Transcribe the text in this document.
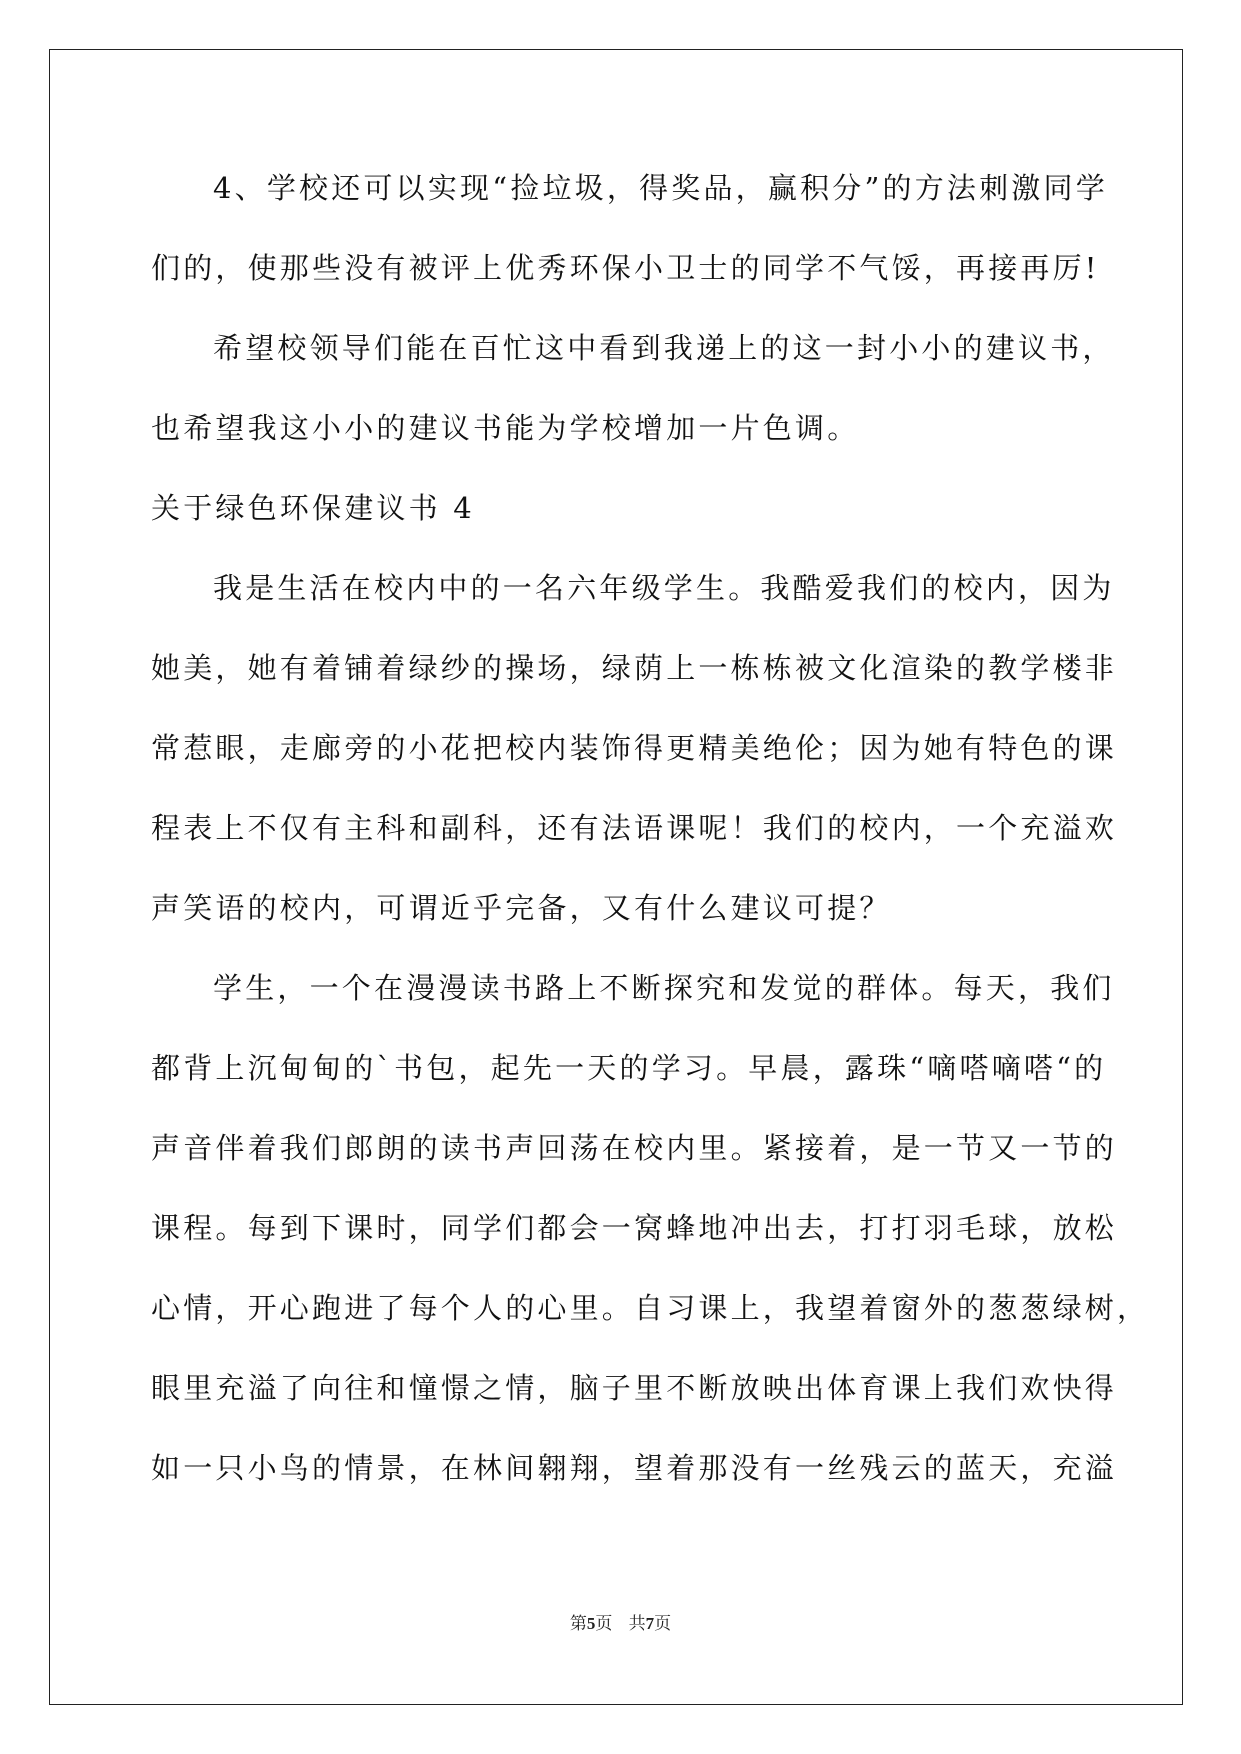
4、学校还可以实现“捡垃圾，得奖品，赢积分”的方法刺激同学
们的，使那些没有被评上优秀环保小卫士的同学不气馁，再接再厉!
希望校领导们能在百忙这中看到我递上的这一封小小的建议书，
也希望我这小小的建议书能为学校增加一片色调。
关于绿色环保建议书 4
我是生活在校内中的一名六年级学生。我酷爱我们的校内，因为
她美，她有着铺着绿纱的操场，绿荫上一栋栋被文化渲染的教学楼非
常惹眼，走廊旁的小花把校内装饰得更精美绝伦；因为她有特色的课
程表上不仅有主科和副科，还有法语课呢！我们的校内，一个充溢欢
声笑语的校内，可谓近乎完备，又有什么建议可提？
学生，一个在漫漫读书路上不断探究和发觉的群体。每天，我们
都背上沉甸甸的`书包，起先一天的学习。早晨，露珠“嘀嗒嘀嗒“的
声音伴着我们郎朗的读书声回荡在校内里。紧接着，是一节又一节的
课程。每到下课时，同学们都会一窝蜂地冲出去，打打羽毛球，放松
心情，开心跑进了每个人的心里。自习课上，我望着窗外的葱葱绿树，
眼里充溢了向往和憧憬之情，脑子里不断放映出体育课上我们欢快得
如一只小鸟的情景，在林间翱翔，望着那没有一丝残云的蓝天，充溢
第5页   共7页
